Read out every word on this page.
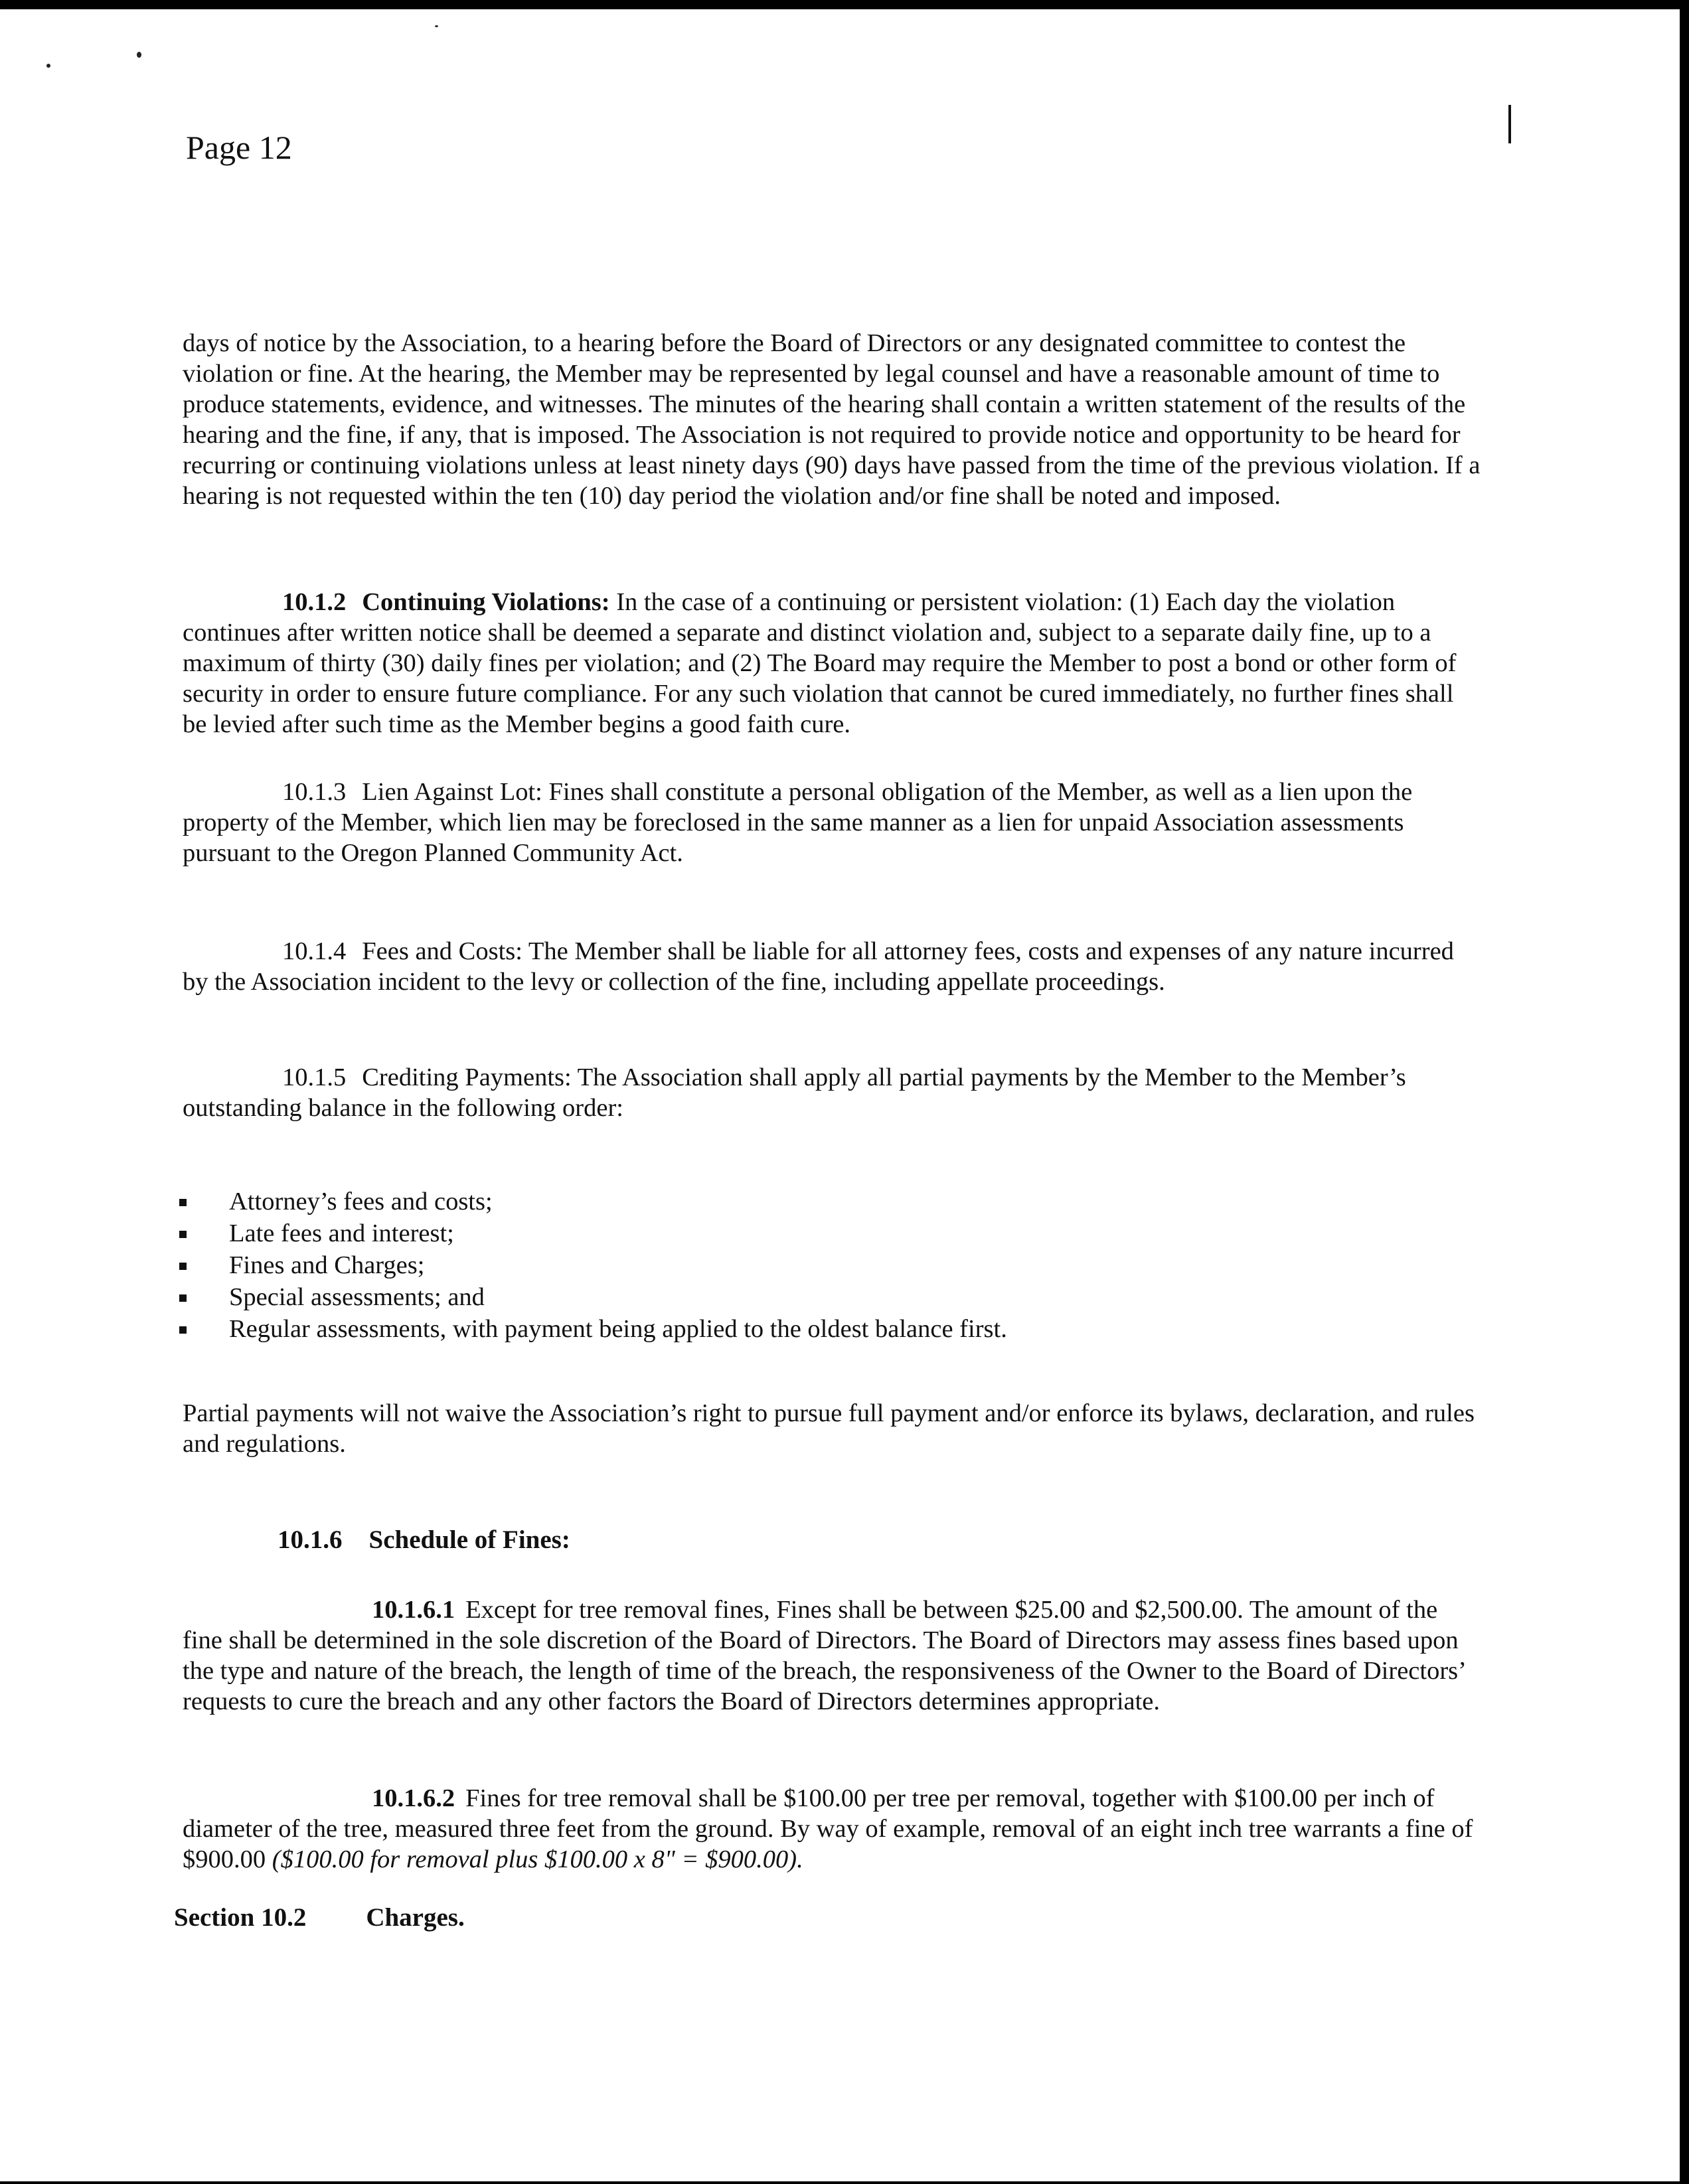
Page 12
days of notice by the Association, to a hearing before the Board of Directors or any designated committee to contest the violation or fine. At the hearing, the Member may be represented by legal counsel and have a reasonable amount of time to produce statements, evidence, and witnesses. The minutes of the hearing shall contain a written statement of the results of the hearing and the fine, if any, that is imposed. The Association is not required to provide notice and opportunity to be heard for recurring or continuing violations unless at least ninety days (90) days have passed from the time of the previous violation. If a hearing is not requested within the ten (10) day period the violation and/or fine shall be noted and imposed.
10.1.2 Continuing Violations: In the case of a continuing or persistent violation: (1) Each day the violation continues after written notice shall be deemed a separate and distinct violation and, subject to a separate daily fine, up to a maximum of thirty (30) daily fines per violation; and (2) The Board may require the Member to post a bond or other form of security in order to ensure future compliance. For any such violation that cannot be cured immediately, no further fines shall be levied after such time as the Member begins a good faith cure.
10.1.3 Lien Against Lot: Fines shall constitute a personal obligation of the Member, as well as a lien upon the property of the Member, which lien may be foreclosed in the same manner as a lien for unpaid Association assessments pursuant to the Oregon Planned Community Act.
10.1.4 Fees and Costs: The Member shall be liable for all attorney fees, costs and expenses of any nature incurred by the Association incident to the levy or collection of the fine, including appellate proceedings.
10.1.5 Crediting Payments: The Association shall apply all partial payments by the Member to the Member’s outstanding balance in the following order:
Attorney’s fees and costs;
Late fees and interest;
Fines and Charges;
Special assessments; and
Regular assessments, with payment being applied to the oldest balance first.
Partial payments will not waive the Association’s right to pursue full payment and/or enforce its bylaws, declaration, and rules and regulations.
10.1.6 Schedule of Fines:
10.1.6.1 Except for tree removal fines, Fines shall be between $25.00 and $2,500.00. The amount of the fine shall be determined in the sole discretion of the Board of Directors. The Board of Directors may assess fines based upon the type and nature of the breach, the length of time of the breach, the responsiveness of the Owner to the Board of Directors’ requests to cure the breach and any other factors the Board of Directors determines appropriate.
10.1.6.2 Fines for tree removal shall be $100.00 per tree per removal, together with $100.00 per inch of diameter of the tree, measured three feet from the ground. By way of example, removal of an eight inch tree warrants a fine of $900.00 ($100.00 for removal plus $100.00 x 8" = $900.00).
Section 10.2 Charges.
